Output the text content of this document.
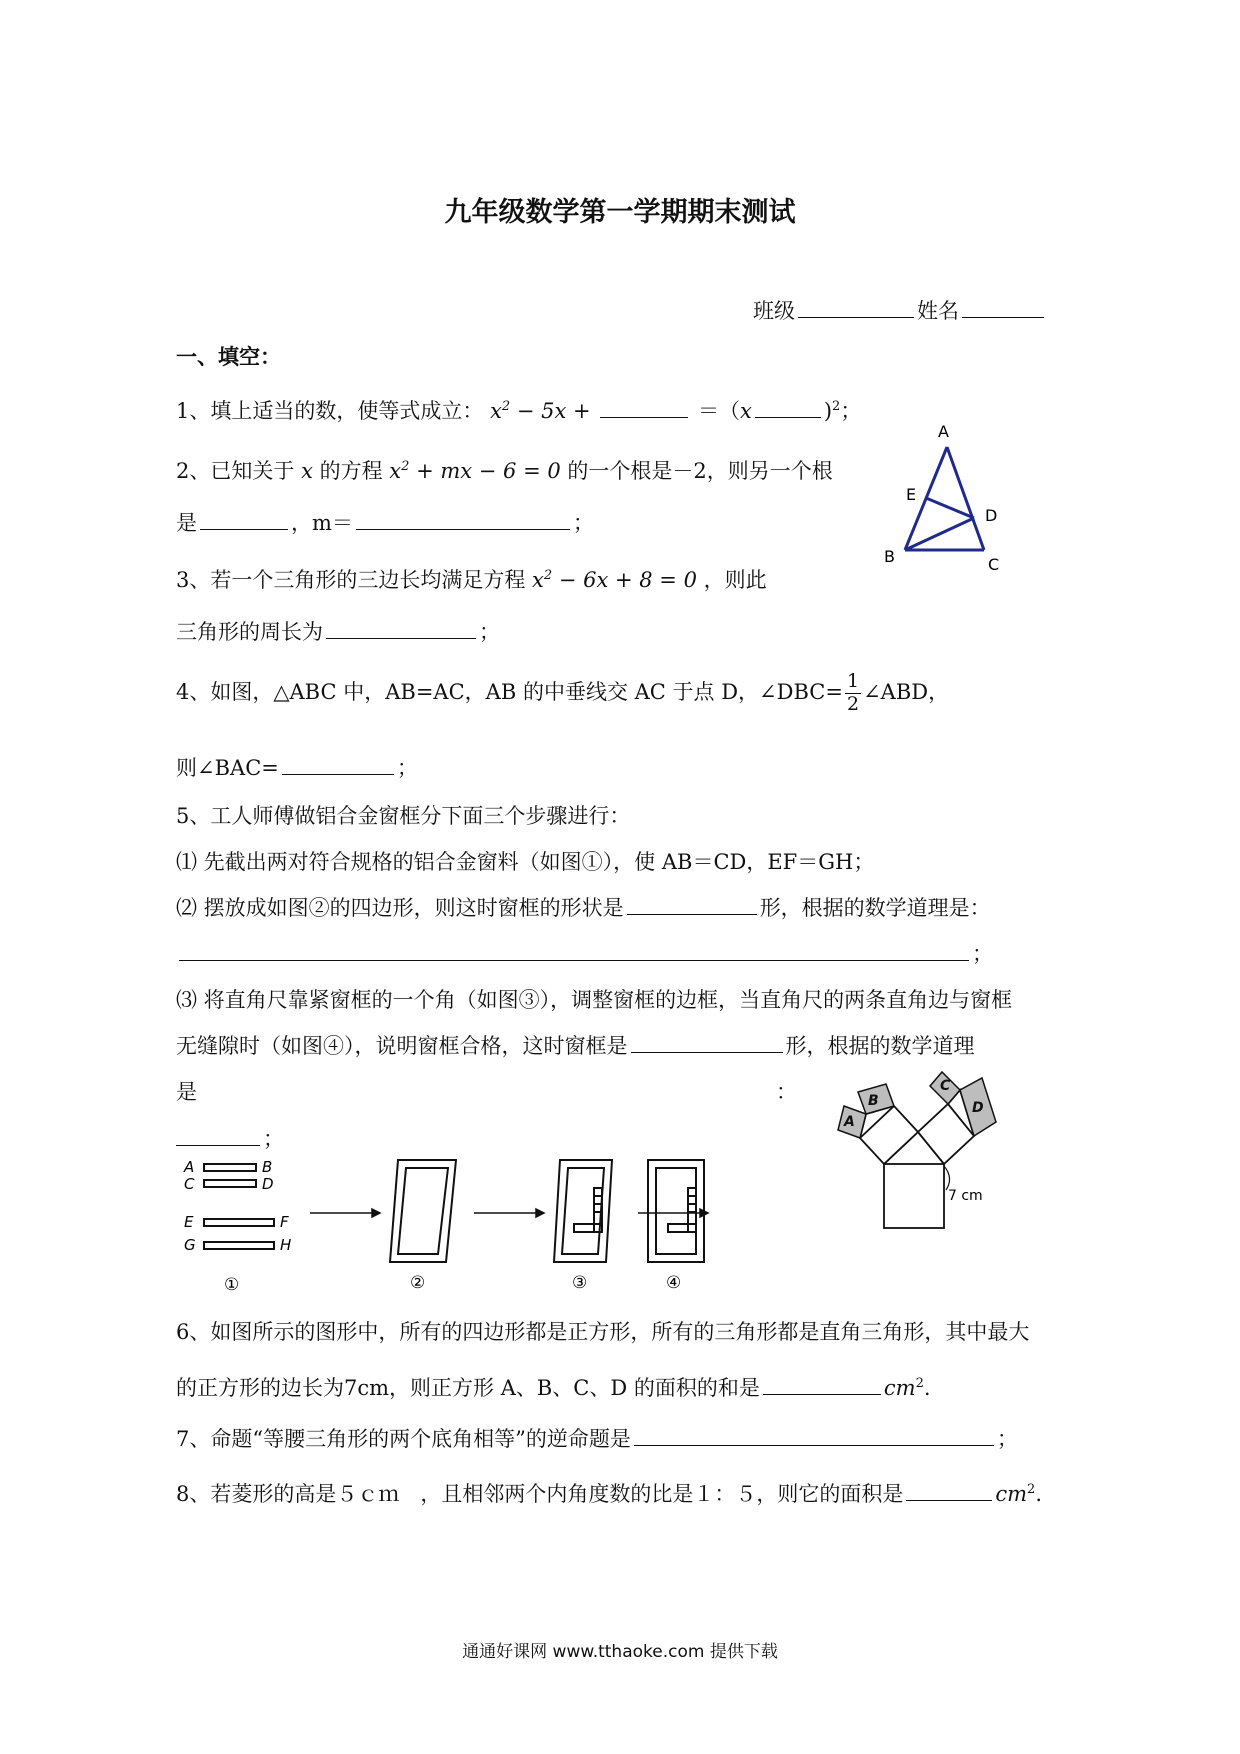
九年级数学第一学期期末测试
班级	姓名
一、填空：
1、填上适当的数，使等式成立： $x^2 - 5x$ +	＝（x	)$^2$；
2、已知关于 x 的方程 $x^2$ + mx − 6 = 0 的一个根是－2，则另一个根
是	，m＝	；
3、若一个三角形的三边长均满足方程 $x^2 - 6x + 8 = 0$ ，则此
三角形的周长为	；
4、如图，△ABC 中，AB=AC，AB 的中垂线交 AC 于点 D，∠DBC= $\frac{1}{2}$ ∠ABD，
则∠BAC=	；
5、工人师傅做铝合金窗框分下面三个步骤进行：
⑴ 先截出两对符合规格的铝合金窗料（如图①），使 AB＝CD，EF＝GH；
⑵ 摆放成如图②的四边形，则这时窗框的形状是	形，根据的数学道理是：
；
⑶ 将直角尺靠紧窗框的一个角（如图③），调整窗框的边框，当直角尺的两条直角边与窗框
无缝隙时（如图④），说明窗框合格，这时窗框是	形，根据的数学道理
是	：
；
6、如图所示的图形中，所有的四边形都是正方形，所有的三角形都是直角三角形，其中最大
的正方形的边长为7cm，则正方形 A、B、C、D 的面积的和是	$cm^2$.
7、命题“等腰三角形的两个底角相等”的逆命题是	；
8、若菱形的高是５ｃｍ　，且相邻两个内角度数的比是１：５，则它的面积是	$cm^2$.
A
E
D
B	C
A	B
C	D
E	F
G	H
①	②	③	④
B
A
C
D
7 cm
通通好课网 www.tthaoke.com 提供下载
